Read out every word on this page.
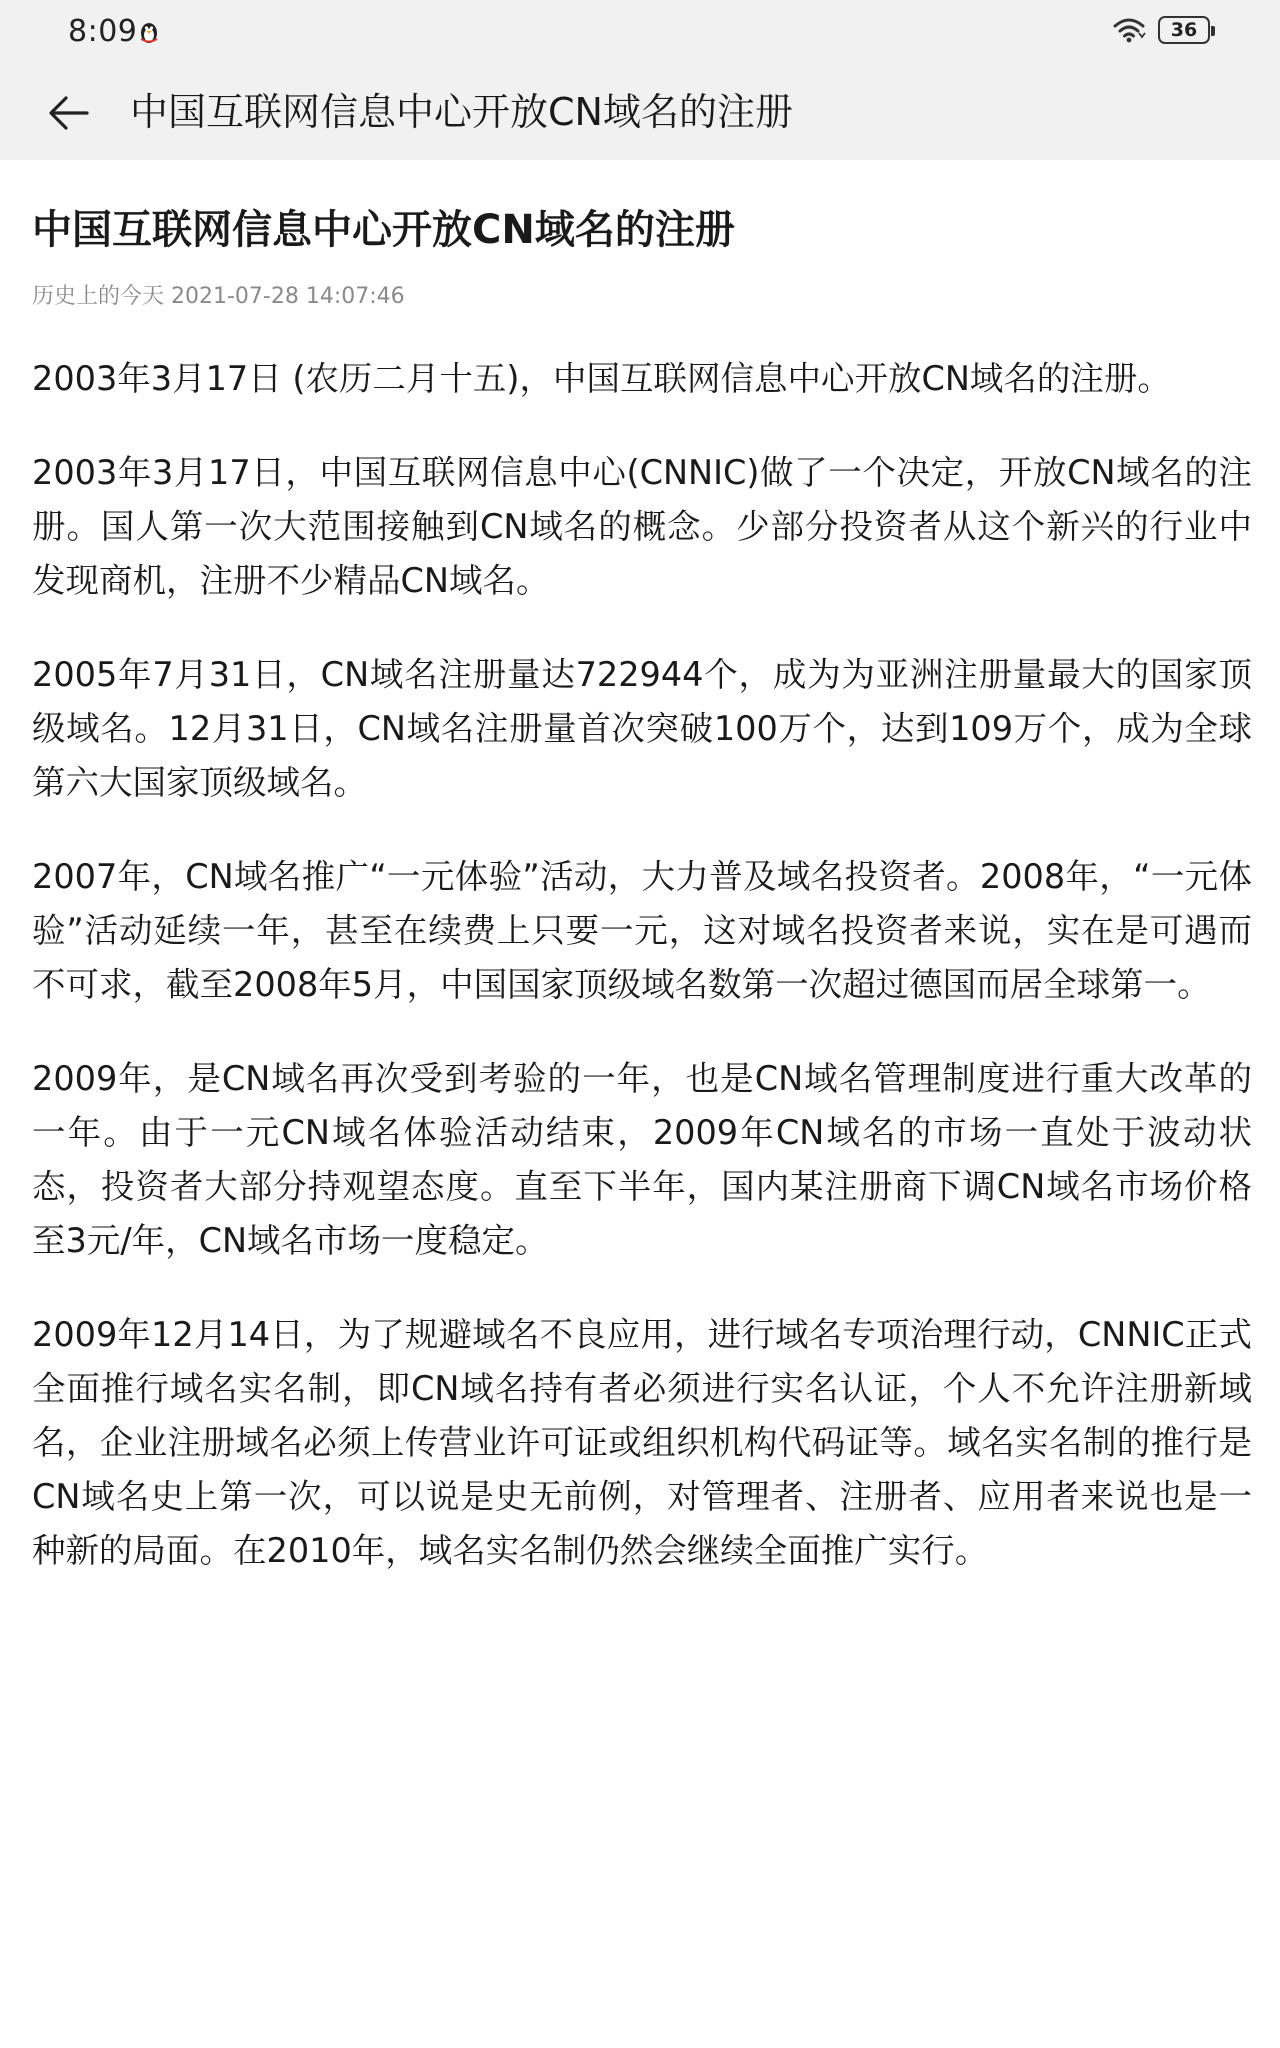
8:09	36
中国互联网信息中心开放CN域名的注册
中国互联网信息中心开放CN域名的注册
历史上的今天 2021-07-28 14:07:46

2003年3月17日 (农历二月十五)，中国互联网信息中心开放CN域名的注册。

2003年3月17日，中国互联网信息中心(CNNIC)做了一个决定，开放CN域名的注册。国人第一次大范围接触到CN域名的概念。少部分投资者从这个新兴的行业中发现商机，注册不少精品CN域名。

2005年7月31日，CN域名注册量达722944个，成为为亚洲注册量最大的国家顶级域名。12月31日，CN域名注册量首次突破100万个，达到109万个，成为全球第六大国家顶级域名。

2007年，CN域名推广“一元体验”活动，大力普及域名投资者。2008年，“一元体验”活动延续一年，甚至在续费上只要一元，这对域名投资者来说，实在是可遇而不可求，截至2008年5月，中国国家顶级域名数第一次超过德国而居全球第一。

2009年，是CN域名再次受到考验的一年，也是CN域名管理制度进行重大改革的一年。由于一元CN域名体验活动结束，2009年CN域名的市场一直处于波动状态，投资者大部分持观望态度。直至下半年，国内某注册商下调CN域名市场价格至3元/年，CN域名市场一度稳定。

2009年12月14日，为了规避域名不良应用，进行域名专项治理行动，CNNIC正式全面推行域名实名制，即CN域名持有者必须进行实名认证，个人不允许注册新域名，企业注册域名必须上传营业许可证或组织机构代码证等。域名实名制的推行是CN域名史上第一次，可以说是史无前例，对管理者、注册者、应用者来说也是一种新的局面。在2010年，域名实名制仍然会继续全面推广实行。
